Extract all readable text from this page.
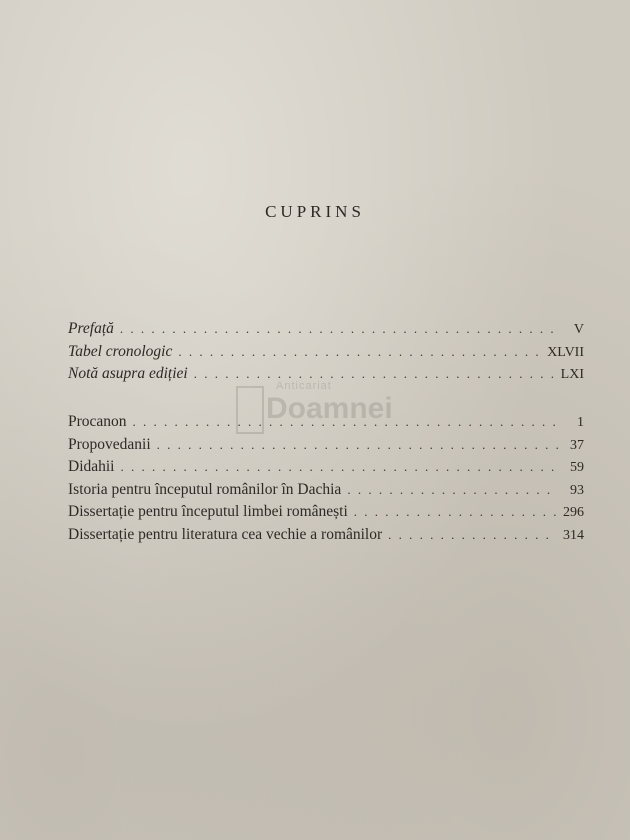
CUPRINS
Prefață . . .	V
Tabel cronologic . . .	XLVII
Notă asupra ediției . . .	LXI
Procanon . . .	1
Propovedanii . . .	37
Didahii . . .	59
Istoria pentru începutul românilor în Dachia . . .	93
Dissertație pentru începutul limbei românești . . .	296
Dissertație pentru literatura cea vechie a românilor . . .	314
Anticariat
Doamnei
